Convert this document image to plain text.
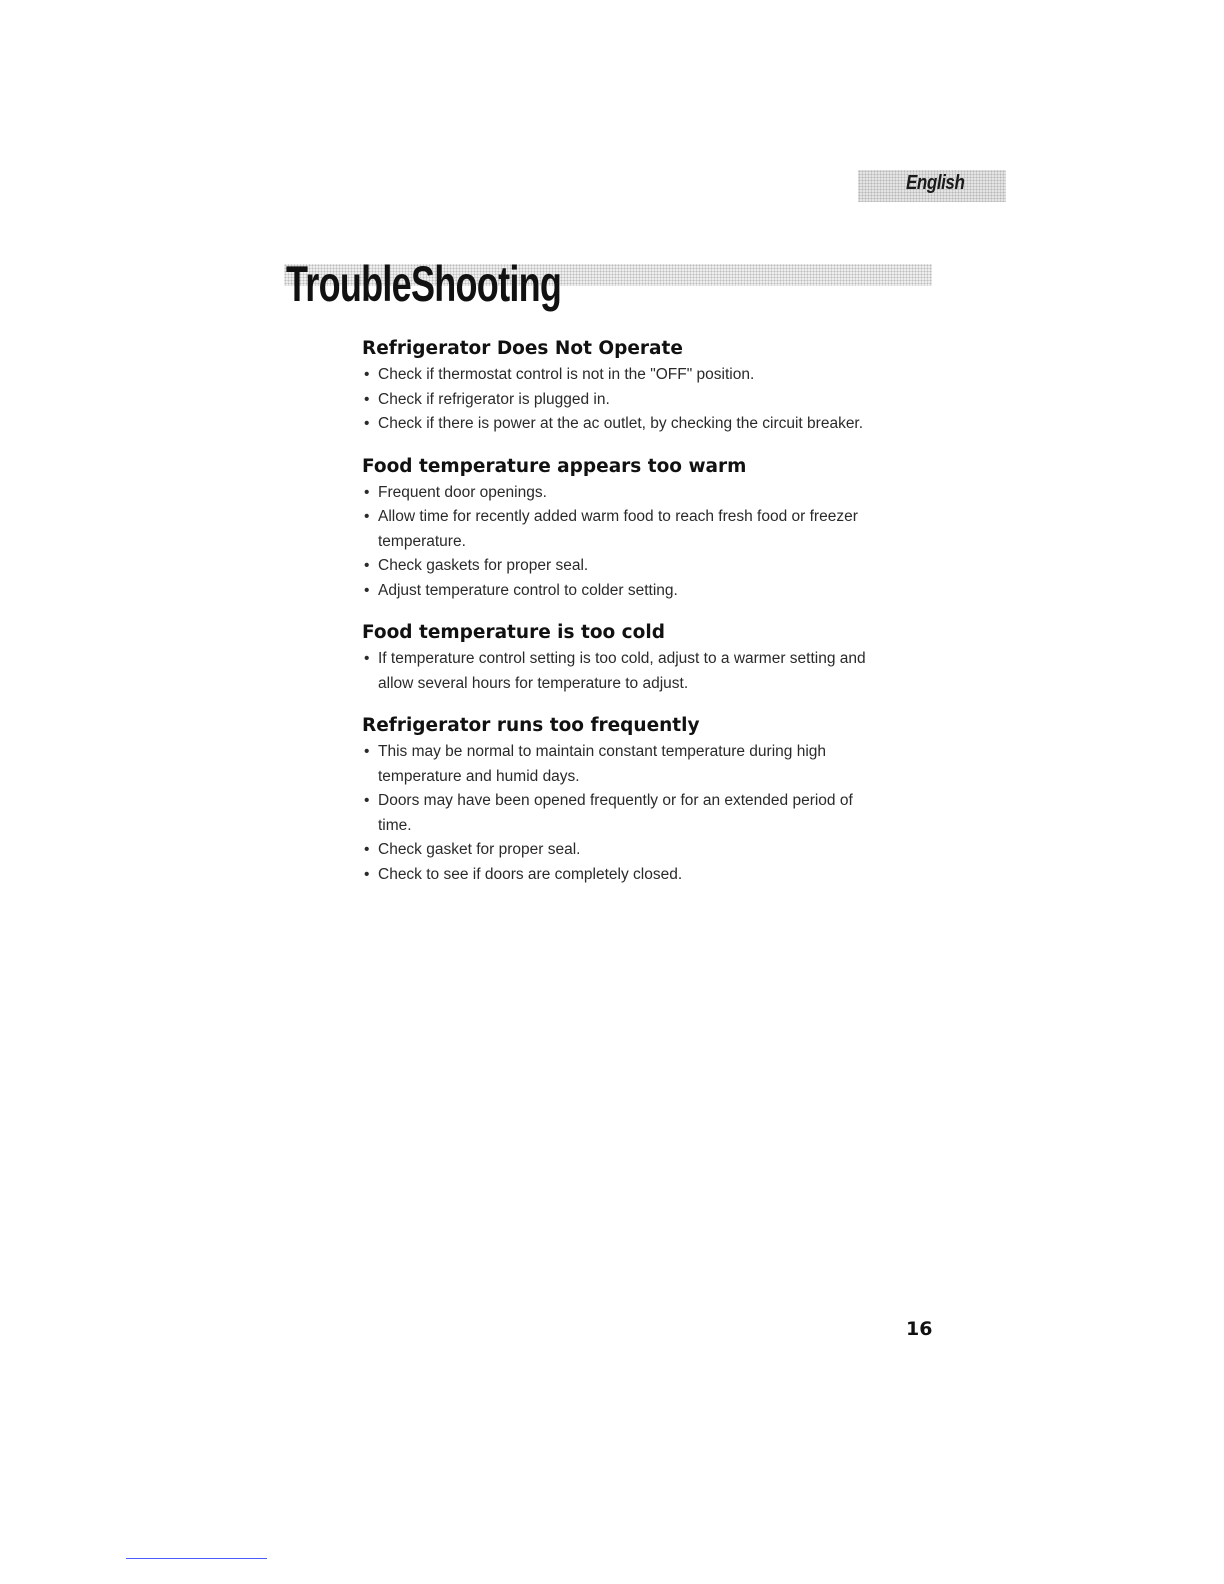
English
TroubleShooting
Refrigerator Does Not Operate
• Check if thermostat control is not in the "OFF" position.
• Check if refrigerator is plugged in.
• Check if there is power at the ac outlet, by checking the circuit breaker.
Food temperature appears too warm
• Frequent door openings.
• Allow time for recently added warm food to reach fresh food or freezer temperature.
• Check gaskets for proper seal.
• Adjust temperature control to colder setting.
Food temperature is too cold
• If temperature control setting is too cold, adjust to a warmer setting and allow several hours for temperature to adjust.
Refrigerator runs too frequently
• This may be normal to maintain constant temperature during high temperature and humid days.
• Doors may have been opened frequently or for an extended period of time.
• Check gasket for proper seal.
• Check to see if doors are completely closed.
16
